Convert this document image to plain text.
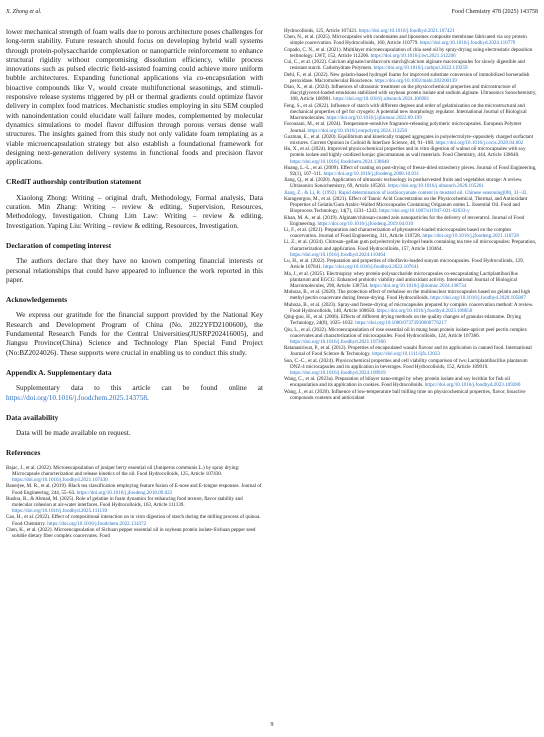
X. Zhong et al.	Food Chemistry 478 (2025) 143758

lower mechanical strength of foam walls due to porous architecture poses challenges for long-term stability. Future research should focus on developing hybrid wall systems through protein-polysaccharide complexation or nanoparticle reinforcement to enhance structural rigidity without compromising dissolution efficiency, while process innovations such as pulsed electric field-assisted foaming could achieve more uniform bubble architectures. Expanding functional applications via co-encapsulation with bioactive compounds like Vₑ would create multifunctional seasonings, and stimuli-responsive release systems triggered by pH or thermal gradients could optimize flavor delivery in complex food matrices. Mechanistic studies employing in situ SEM coupled with nanoindentation could elucidate wall failure modes, complemented by molecular dynamics simulations to model flavor diffusion through porous versus dense wall structures. The insights gained from this study not only validate foam templating as a viable microencapsulation strategy but also establish a foundational framework for designing next-generation delivery systems in functional foods and precision flavor applications.

CRediT authorship contribution statement

Xiaolong Zhong: Writing – original draft, Methodology, Formal analysis, Data curation. Min Zhang: Writing – review & editing, Supervision, Resources, Methodology, Investigation. Chung Lim Law: Writing – review & editing, Investigation. Yaping Liu: Writing – review & editing, Resources, Investigation.

Declaration of competing interest

The authors declare that they have no known competing financial interests or personal relationships that could have appeared to influence the work reported in this paper.

Acknowledgements

We express our gratitude for the financial support provided by the National Key Research and Development Program of China (No. 2022YFD2100600), the Fundamental Research Funds for the Central Universities(JUSRP202416005), and Jiangsu Province(China) Science and Technology Plan Special Fund Project (No:BZ2024026). These supports were crucial in enabling us to conduct this study.

Appendix A. Supplementary data

Supplementary data to this article can be found online at https://doi.org/10.1016/j.foodchem.2025.143758.

Data availability

Data will be made available on request.

References

Bajac, J., et al. (2022). Microencapsulation of juniper berry essential oil (Juniperus communis L.) by spray drying: Microcapsule characterization and release kinetics of the oil. Food Hydrocolloids, 125, Article 107430. https://doi.org/10.1016/j.foodhyd.2021.107430

Banerjee, M. R., et al. (2019). Black tea classification employing feature fusion of E-nose and E-tongue responses. Journal of Food Engineering, 244, 55–63. https://doi.org/10.1016/j.jfoodeng.2018.09.022

Bushra, R., & Ahmad, M. (2025). Role of gelatine in foam dynamics for enhancing food texture, flavor stability and molecular cohesion at air-water interfaces. Food Hydrocolloids, 163, Article 111139. https://doi.org/10.1016/j.foodhyd.2025.111139

Cao, H., et al. (2022). Effect of compositional interaction on in vitro digestion of starch during the milling process of quinoa. Food Chemistry. https://doi.org/10.1016/j.foodchem.2022.134372

Chen, K., et al. (2022). Microencapsulation of Sichuan pepper essential oil in soybean protein isolate-Sichuan pepper seed soluble dietary fiber complex coacervates. Food

Hydrocolloids, 125, Article 107421. https://doi.org/10.1016/j.foodhyd.2021.107421

Chen, N., et al. (2025). Microcapsules with condensates and liposomes composite membrane fabricated via soy protein simple coacervation. Food Hydrocolloids, 160, Article 110779. https://doi.org/10.1016/j.foodhyd.2024.110779

Copado, C. N., et al. (2021). Multilayer microencapsulation of chia seed oil by spray-drying using electrostatic deposition technology. LWT, 152, Article 112206. https://doi.org/10.1016/j.lwt.2021.112206

Cui, C., et al. (2022). Calcium alginate/curdlan/corn starch@calcium alginate macrocapsules for slowly digestible and resistant starch. Carbohydrate Polymers. https://doi.org/10.1016/j.carbpol.2022.119259

Dehl, F., et al. (2022). New gelatin-based hydrogel foams for improved substrate conversion of immobilized horseradish peroxidase. Macromolecular Bioscience. https://doi.org/10.1002/mabi.202200139

Diao, X., et al. (2024). Influences of ultrasonic treatment on the physicochemical properties and microstructure of diacylglycerol-loaded emulsions stabilized with soybean protein isolate and sodium alginate. Ultrasonics Sonochemistry, 108, Article 106981. https://doi.org/10.1016/j.ultsonch.2024.106981

Feng, S., et al. (2022). Influence of starch with different degrees and order of gelatinization on the microstructural and mechanical properties of gel for cryogels: A potential new morphology regulator. International Journal of Biological Macromolecules. https://doi.org/10.1016/j.ijbiomac.2022.09.199

Forouzani, M., et al. (2024). Temperature-sensitive fragrance-releasing polymeric microcapsules. European Polymer Journal. https://doi.org/10.1016/j.eurpolymj.2024.113256

Guzman, E., et al. (2020). Equilibrium and kinetically trapped aggregates in polyelectrolyte–oppositely charged surfactant mixtures. Current Opinion in Colloid & Interface Science, 48, 91–108. https://doi.org/10.1016/j.cocis.2020.04.002

Hu, X., et al. (2024). Improved physicochemical properties and in vitro digestion of walnut oil microcapsules with soy protein isolate and highly oxidized konjac glucomannan as wall materials. Food Chemistry, 444, Article 138640. https://doi.org/10.1016/j.foodchem.2024.138640

Huang, L.-L., et al. (2009). Effect of coating on post-drying of freeze-dried strawberry pieces. Journal of Food Engineering, 92(1), 107–111. https://doi.org/10.1016/j.jfoodeng.2008.10.031

Jiang, Q., et al. (2020). Application of ultrasonic technology in postharvested fruits and vegetables storage: A review. Ultrasonics Sonochemistry, 69, Article 105261. https://doi.org/10.1016/j.ultsonch.2020.105261

Jiang, Z., & Li, R. (1992). Rapid determination of isothiocyanate content in mustard oil. Chinese seasoning(08), 31–32.

Karageorgou, M., et al. (2021). Effect of Tannic Acid Concentration on the Physicochemical, Thermal, and Antioxidant Properties of Gelatin/Gum Arabic-Walled Microcapsules Containing Origanum onites L. Essential Oil. Food and Bioprocess Technology, 14(7), 1231–1243. https://doi.org/10.1007/s11947-021-02633-y

Khan, M. A., et al. (2019). Alginate/chitosan-coated zein nanoparticles for the delivery of resveratrol. Journal of Food Engineering. https://doi.org/10.1016/j.jfoodeng.2019.04.010

Li, F., et al. (2021). Preparation and characterization of phytosterol-loaded microcapsules based on the complex coacervation. Journal of Food Engineering, 311, Article 110728. https://doi.org/10.1016/j.jfoodeng.2021.110728

Li, Z., et al. (2024). Chitosan–gellan gum polyelectrolyte hydrogel beads containing tea tree oil microcapsules: Preparation, characterization and application. Food Hydrocolloids, 157, Article 110464. https://doi.org/10.1016/j.foodhyd.2024.110464

Lu, H., et al. (2022). Preparation and properties of riboflavin-loaded sunyan microcapsules. Food Hydrocolloids, 129, Article 107641. https://doi.org/10.1016/j.foodhyd.2022.107641

Ma, J., et al. (2025). Electrospray whey protein-polysaccharide microcapsules co-encapsulating Lactiplantibacillus plantarum and EGCG: Enhanced probiotic viability and antioxidant activity. International Journal of Biological Macromolecules, 290, Article 138734. https://doi.org/10.1016/j.ijbiomac.2024.138734

Muhoza, B., et al. (2020). The protection effect of trehalose on the multinuclear microcapsules based on gelatin and high methyl pectin coacervate during freeze-drying. Food Hydrocolloids. https://doi.org/10.1016/j.foodhyd.2020.105807

Muhoza, B., et al. (2023). Spray-and freeze-drying of microcapsules prepared by complex coacervation method: A review. Food Hydrocolloids, 140, Article 108650. https://doi.org/10.1016/j.foodhyd.2023.108650

Qing-guo, H., et al. (2006). Effects of different drying methods on the quality changes of granular edamame. Drying Technology, 24(8), 1025–1032. https://doi.org/10.1080/07373930600776217

Qiu, L., et al. (2022). Microencapsulation of rose essential oil in mung bean protein isolate-apricot peel pectin complex coacervates and characterization of microcapsules. Food Hydrocolloids, 124, Article 107366. https://doi.org/10.1016/j.foodhyd.2021.107366

Ratanasiriwat, P., et al. (2012). Properties of encapsulated wasabi flavour and its application in canned food. International Journal of Food Science & Technology. https://doi.org/10.1111/ijfs.12023

Sun, C.-C., et al. (2024). Physicochemical properties and cell viability comparison of two Lactiplantibacillus plantarum DNZ-4 microcapsules and its application in beverages. Food Hydrocolloids, 152, Article 109919. https://doi.org/10.1016/j.foodhyd.2024.109919

Wang, C., et al. (2023a). Preparation of bilayer nano-emgel by whey protein isolate and soy lecithin for fish oil encapsulation and its application in cookies. Food Hydrocolloids. https://doi.org/10.1016/j.foodhyd.2023.109280

Wang, J., et al. (2020). Influence of low-temperature ball milling time on physicochemical properties, flavor, bioactive compounds contents and antioxidant

9
